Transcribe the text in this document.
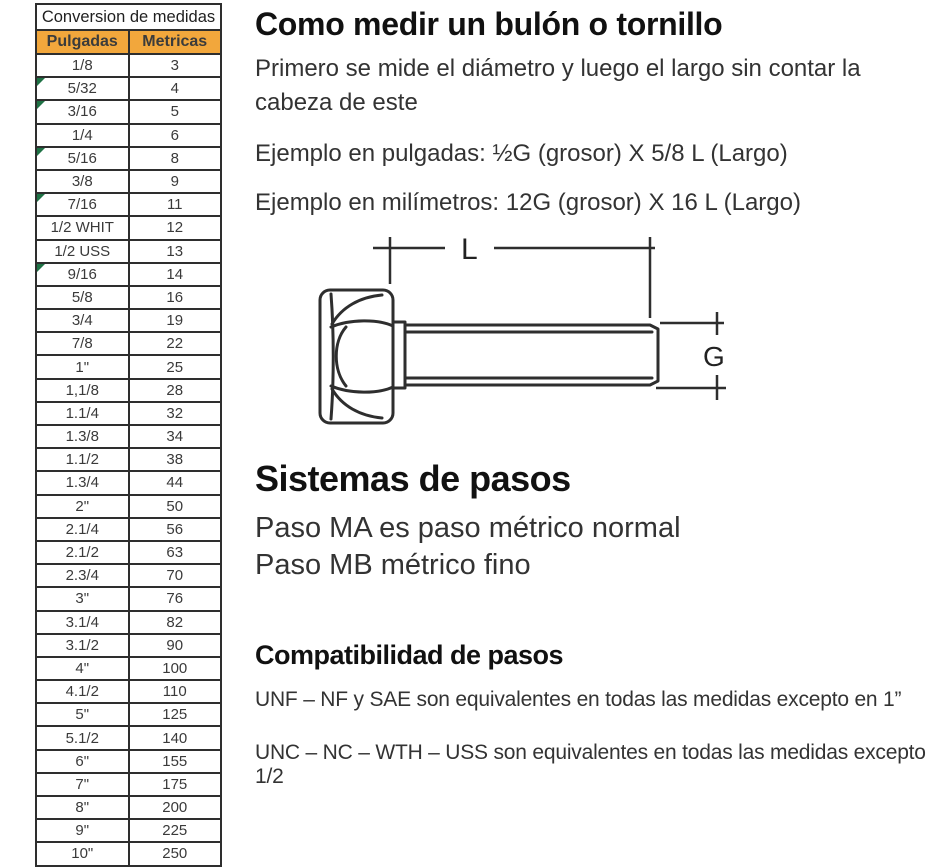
Conversion de medidas	
Pulgadas	Metricas
1/8	3

5/32	4

3/16	5
1/4	6

5/16	8
3/8	9

7/16	11
1/2 WHIT	12
1/2 USS	13

9/16	14
5/8	16
3/4	19
7/8	22
1"	25
1,1/8	28
1.1/4	32
1.3/8	34
1.1/2	38
1.3/4	44
2"	50
2.1/4	56
2.1/2	63
2.3/4	70
3"	76
3.1/4	82
3.1/2	90
4"	100
4.1/2	110
5"	125
5.1/2	140
6"	155
7"	175
8"	200
9"	225
10"	250
Como medir un bulón o tornillo
Primero se mide el diámetro y luego el largo sin contar la cabeza de este
Ejemplo en pulgadas: ½G (grosor) X 5/8 L (Largo)
Ejemplo en milímetros: 12G (grosor) X 16 L (Largo)
L
G
Sistemas de pasos
Paso MA es paso métrico normal
Paso MB métrico fino
Compatibilidad de pasos
UNF – NF y SAE son equivalentes en todas las medidas excepto en 1”
UNC – NC – WTH – USS son equivalentes en todas las medidas excepto 1/2
